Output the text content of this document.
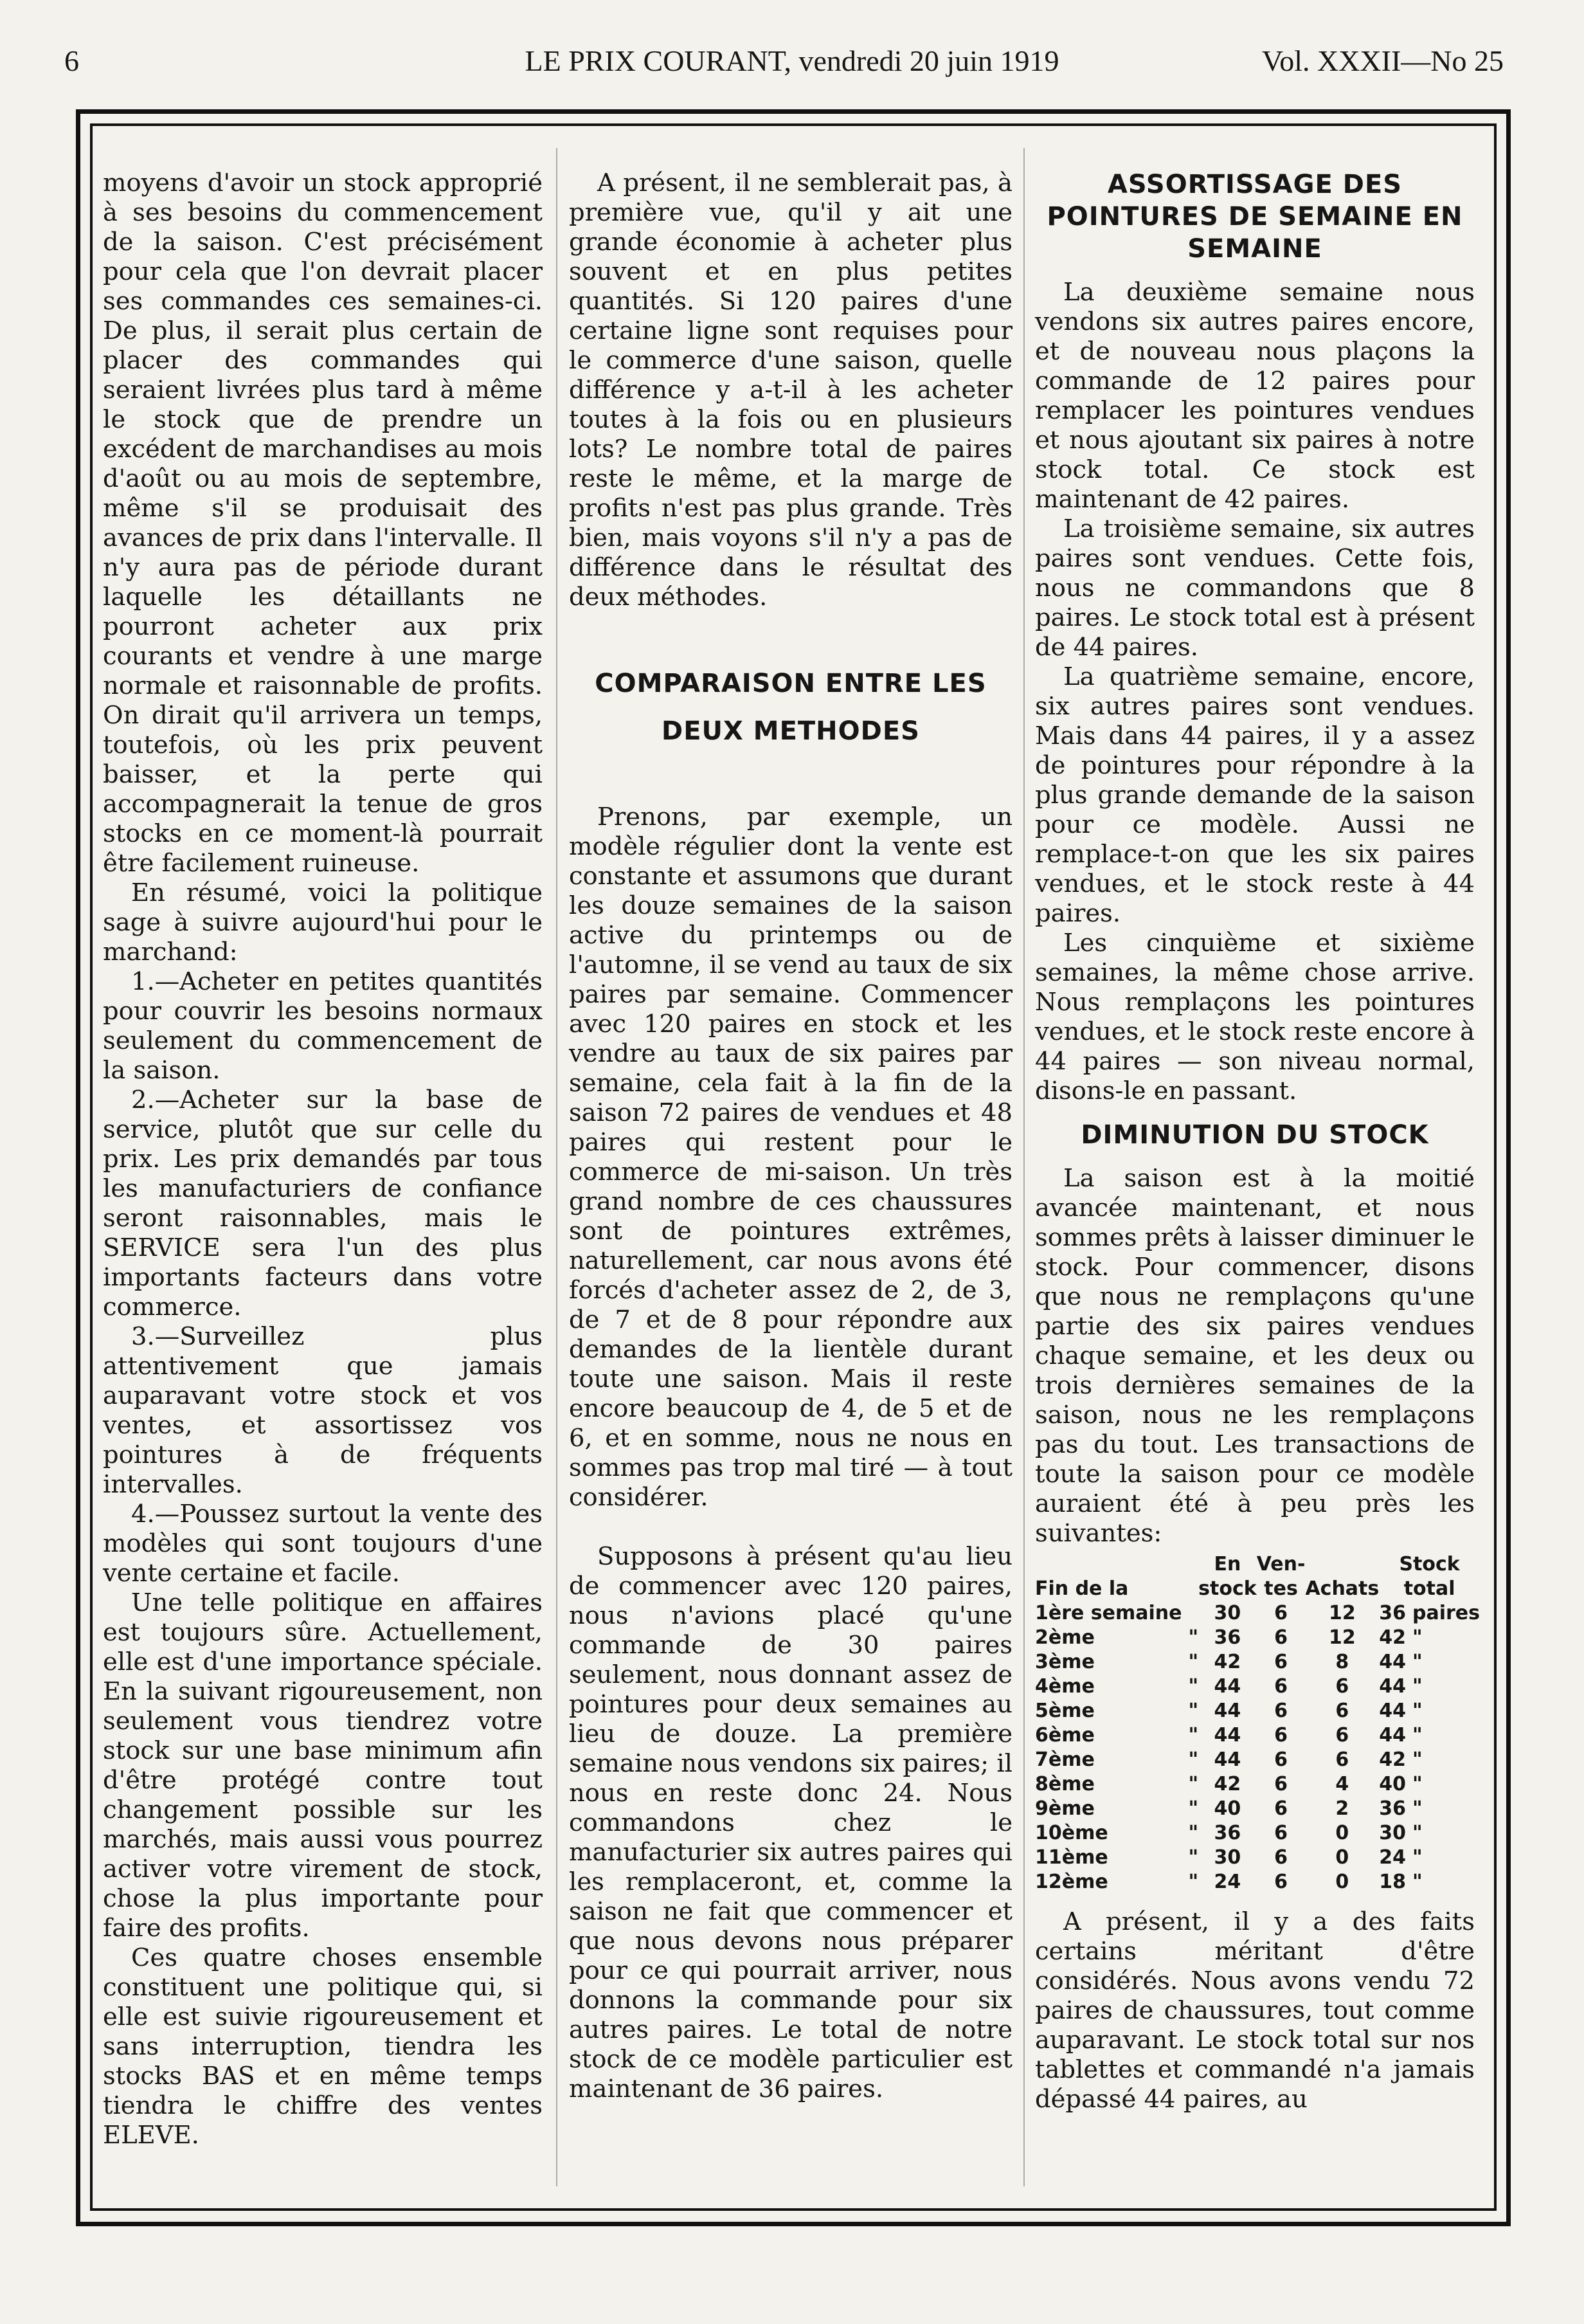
6	LE PRIX COURANT, vendredi 20 juin 1919	Vol. XXXII—No 25

moyens d'avoir un stock approprié à ses besoins du commencement de la saison. C'est précisément pour cela que l'on devrait placer ses commandes ces semaines-ci. De plus, il serait plus certain de placer des commandes qui seraient livrées plus tard à même le stock que de prendre un excédent de marchandises au mois d'août ou au mois de septembre, même s'il se produisait des avances de prix dans l'intervalle. Il n'y aura pas de période durant laquelle les détaillants ne pourront acheter aux prix courants et vendre à une marge normale et raisonnable de profits. On dirait qu'il arrivera un temps, toutefois, où les prix peuvent baisser, et la perte qui accompagnerait la tenue de gros stocks en ce moment-là pourrait être facilement ruineuse.

En résumé, voici la politique sage à suivre aujourd'hui pour le marchand:

1.—Acheter en petites quantités pour couvrir les besoins normaux seulement du commencement de la saison.

2.—Acheter sur la base de service, plutôt que sur celle du prix. Les prix demandés par tous les manufacturiers de confiance seront raisonnables, mais le SERVICE sera l'un des plus importants facteurs dans votre commerce.

3.—Surveillez plus attentivement que jamais auparavant votre stock et vos ventes, et assortissez vos pointures à de fréquents intervalles.

4.—Poussez surtout la vente des modèles qui sont toujours d'une vente certaine et facile.

Une telle politique en affaires est toujours sûre. Actuellement, elle est d'une importance spéciale. En la suivant rigoureusement, non seulement vous tiendrez votre stock sur une base minimum afin d'être protégé contre tout changement possible sur les marchés, mais aussi vous pourrez activer votre virement de stock, chose la plus importante pour faire des profits.

Ces quatre choses ensemble constituent une politique qui, si elle est suivie rigoureusement et sans interruption, tiendra les stocks BAS et en même temps tiendra le chiffre des ventes ELEVE.

A présent, il ne semblerait pas, à première vue, qu'il y ait une grande économie à acheter plus souvent et en plus petites quantités. Si 120 paires d'une certaine ligne sont requises pour le commerce d'une saison, quelle différence y a-t-il à les acheter toutes à la fois ou en plusieurs lots? Le nombre total de paires reste le même, et la marge de profits n'est pas plus grande. Très bien, mais voyons s'il n'y a pas de différence dans le résultat des deux méthodes.

COMPARAISON ENTRE LES DEUX METHODES

Prenons, par exemple, un modèle régulier dont la vente est constante et assumons que durant les douze semaines de la saison active du printemps ou de l'automne, il se vend au taux de six paires par semaine. Commencer avec 120 paires en stock et les vendre au taux de six paires par semaine, cela fait à la fin de la saison 72 paires de vendues et 48 paires qui restent pour le commerce de mi-saison. Un très grand nombre de ces chaussures sont de pointures extrêmes, naturellement, car nous avons été forcés d'acheter assez de 2, de 3, de 7 et de 8 pour répondre aux demandes de la lientèle durant toute une saison. Mais il reste encore beaucoup de 4, de 5 et de 6, et en somme, nous ne nous en sommes pas trop mal tiré — à tout considérer.

Supposons à présent qu'au lieu de commencer avec 120 paires, nous n'avions placé qu'une commande de 30 paires seulement, nous donnant assez de pointures pour deux semaines au lieu de douze. La première semaine nous vendons six paires; il nous en reste donc 24. Nous commandons chez le manufacturier six autres paires qui les remplaceront, et, comme la saison ne fait que commencer et que nous devons nous préparer pour ce qui pourrait arriver, nous donnons la commande pour six autres paires. Le total de notre stock de ce modèle particulier est maintenant de 36 paires.

ASSORTISSAGE DES POINTURES DE SEMAINE EN SEMAINE

La deuxième semaine nous vendons six autres paires encore, et de nouveau nous plaçons la commande de 12 paires pour remplacer les pointures vendues et nous ajoutant six paires à notre stock total. Ce stock est maintenant de 42 paires.

La troisième semaine, six autres paires sont vendues. Cette fois, nous ne commandons que 8 paires. Le stock total est à présent de 44 paires.

La quatrième semaine, encore, six autres paires sont vendues. Mais dans 44 paires, il y a assez de pointures pour répondre à la plus grande demande de la saison pour ce modèle. Aussi ne remplace-t-on que les six paires vendues, et le stock reste à 44 paires.

Les cinquième et sixième semaines, la même chose arrive. Nous remplaçons les pointures vendues, et le stock reste encore à 44 paires — son niveau normal, disons-le en passant.

DIMINUTION DU STOCK

La saison est à la moitié avancée maintenant, et nous sommes prêts à laisser diminuer le stock. Pour commencer, disons que nous ne remplaçons qu'une partie des six paires vendues chaque semaine, et les deux ou trois dernières semaines de la saison, nous ne les remplaçons pas du tout. Les transactions de toute la saison pour ce modèle auraient été à peu près les suivantes:

		En	Ven-		Stock	
Fin de la		stock	tes	Achats	total	
1ère semaine		30	6	12	36	paires
2ème	"	36	6	12	42	"
3ème	"	42	6	8	44	"
4ème	"	44	6	6	44	"
5ème	"	44	6	6	44	"
6ème	"	44	6	6	44	"
7ème	"	44	6	6	42	"
8ème	"	42	6	4	40	"
9ème	"	40	6	2	36	"
10ème	"	36	6	0	30	"
11ème	"	30	6	0	24	"
12ème	"	24	6	0	18	"

A présent, il y a des faits certains méritant d'être considérés. Nous avons vendu 72 paires de chaussures, tout comme auparavant. Le stock total sur nos tablettes et commandé n'a jamais dépassé 44 paires, au
